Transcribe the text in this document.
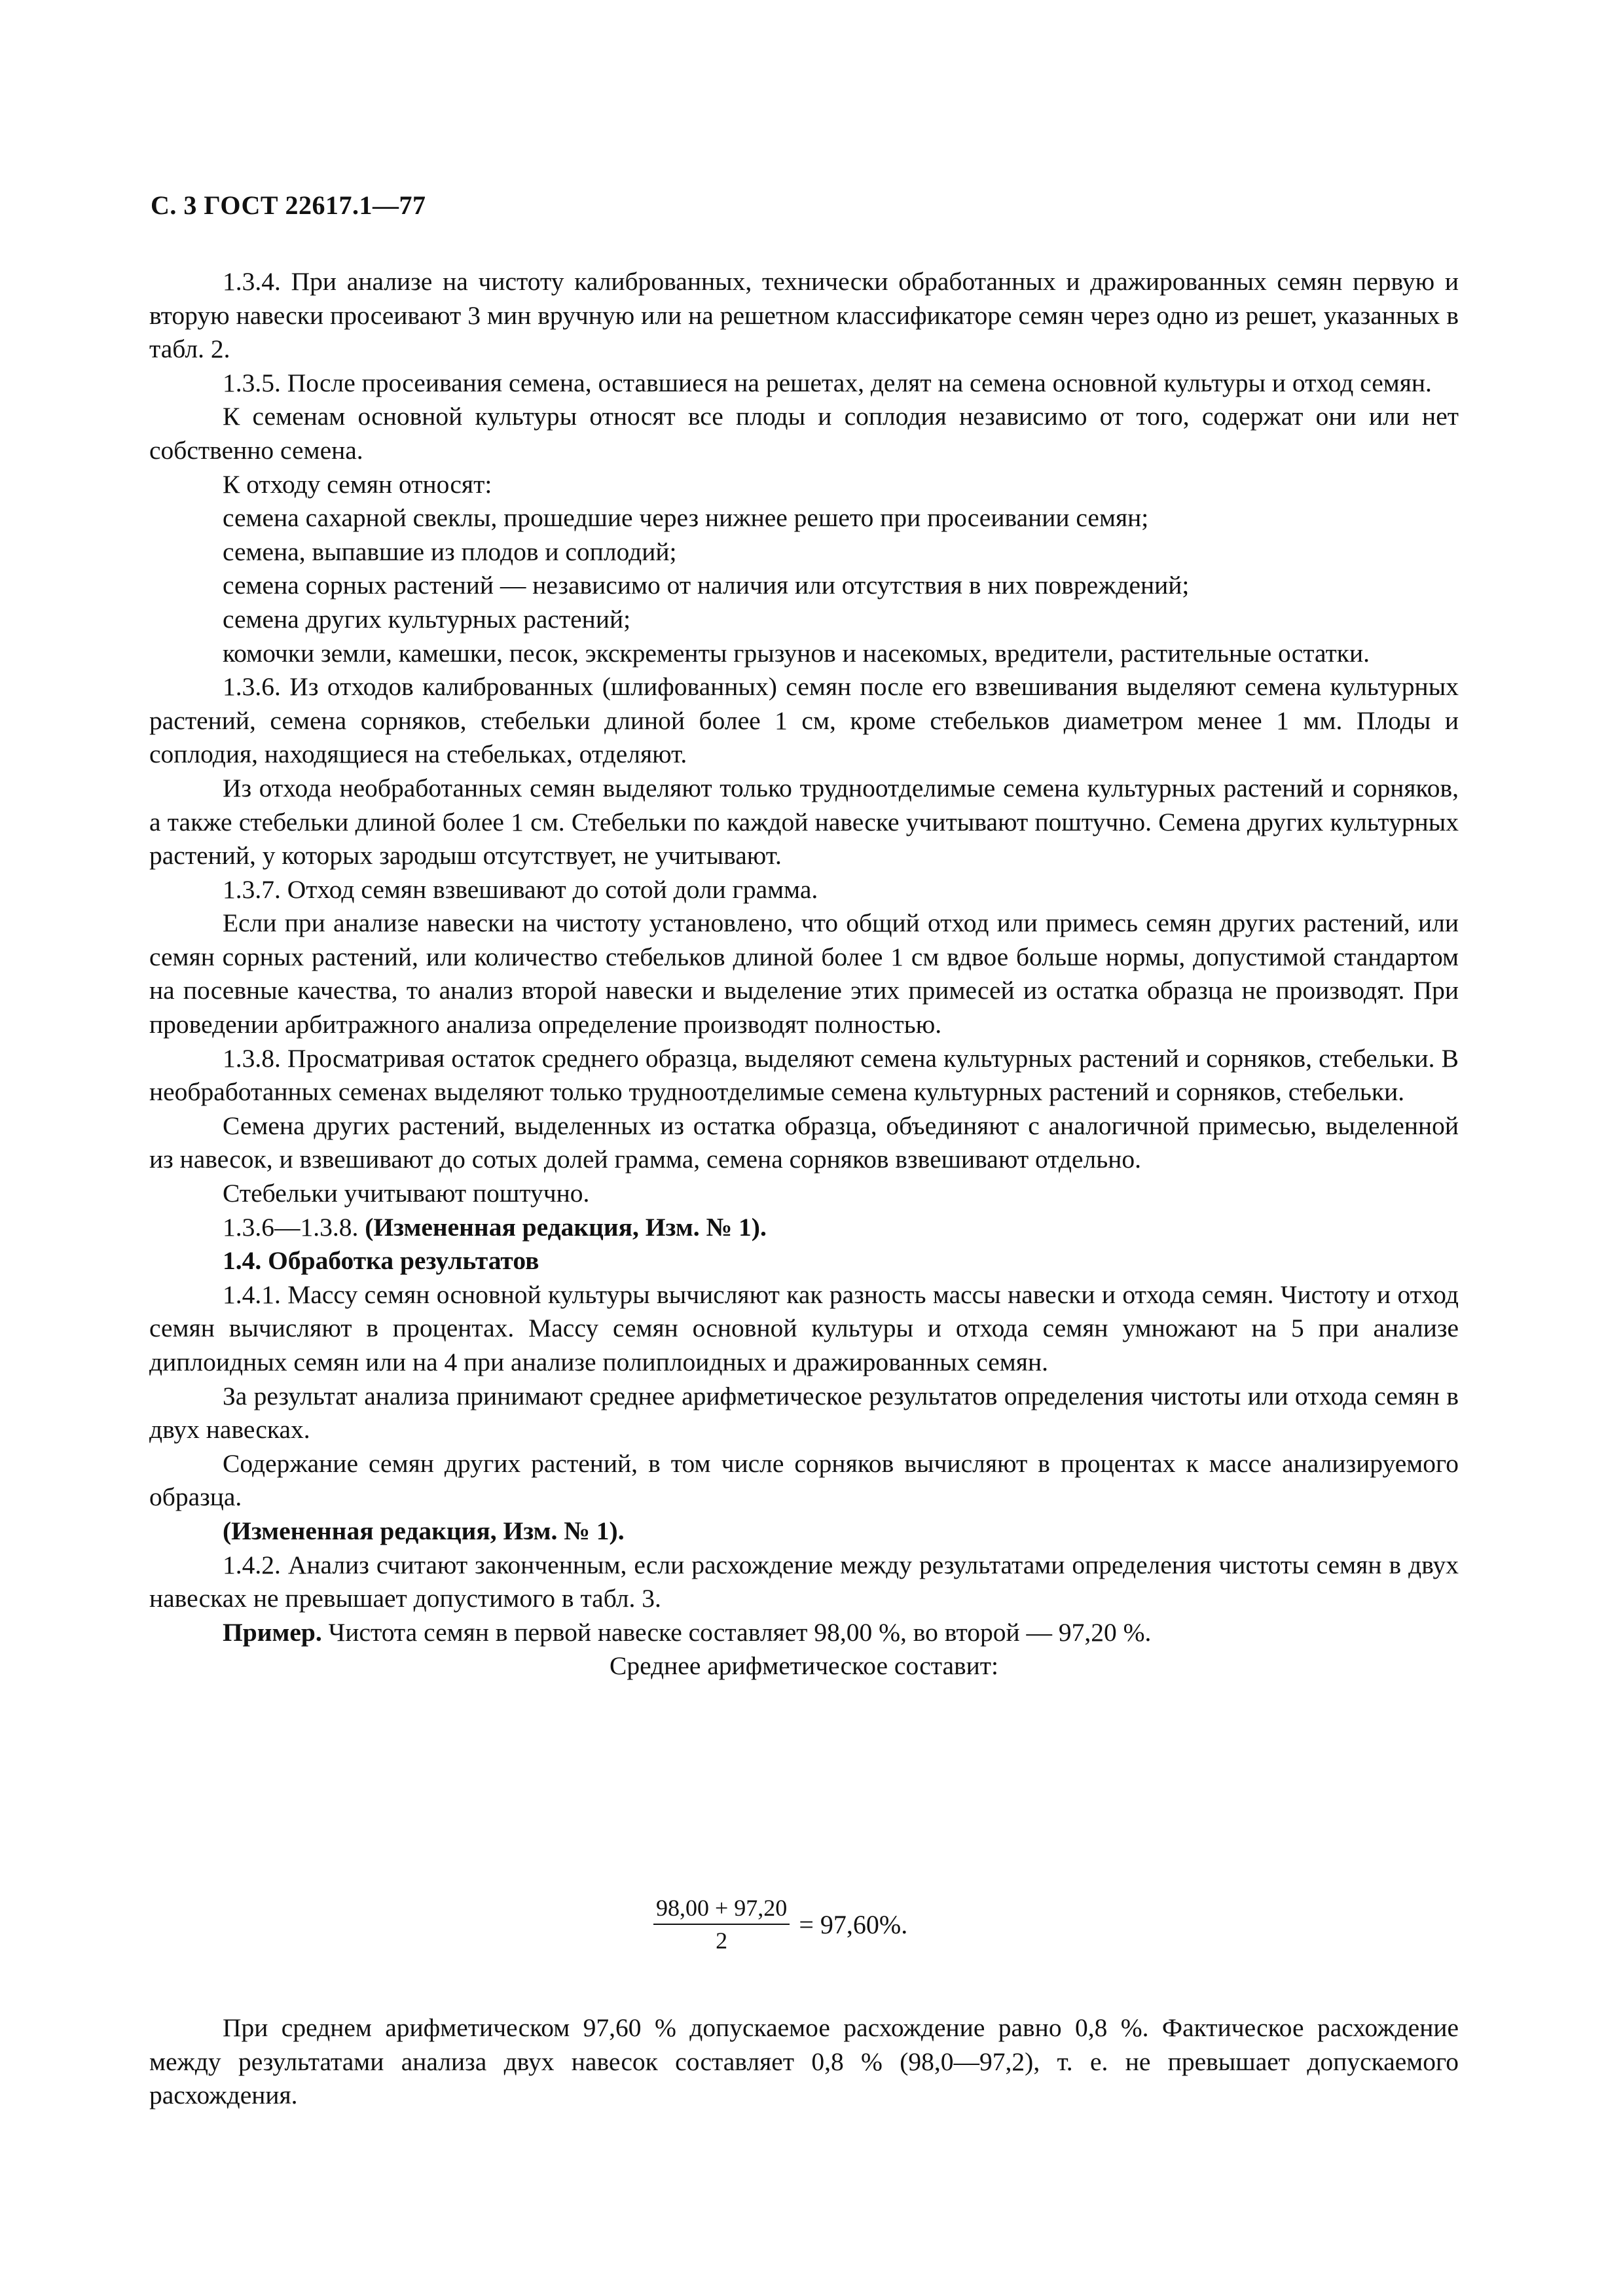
С. 3 ГОСТ 22617.1—77

1.3.4. При анализе на чистоту калиброванных, технически обработанных и дражированных семян первую и вторую навески просеивают 3 мин вручную или на решетном классификаторе семян через одно из решет, указанных в табл. 2.

1.3.5. После просеивания семена, оставшиеся на решетах, делят на семена основной культуры и отход семян.

К семенам основной культуры относят все плоды и соплодия независимо от того, содержат они или нет собственно семена.

К отходу семян относят:

семена сахарной свеклы, прошедшие через нижнее решето при просеивании семян;

семена, выпавшие из плодов и соплодий;

семена сорных растений — независимо от наличия или отсутствия в них повреждений;

семена других культурных растений;

комочки земли, камешки, песок, экскременты грызунов и насекомых, вредители, растительные остатки.

1.3.6. Из отходов калиброванных (шлифованных) семян после его взвешивания выделяют семена культурных растений, семена сорняков, стебельки длиной более 1 см, кроме стебельков диаметром менее 1 мм. Плоды и соплодия, находящиеся на стебельках, отделяют.

Из отхода необработанных семян выделяют только трудноотделимые семена культурных растений и сорняков, а также стебельки длиной более 1 см. Стебельки по каждой навеске учитывают поштучно. Семена других культурных растений, у которых зародыш отсутствует, не учитывают.

1.3.7. Отход семян взвешивают до сотой доли грамма.

Если при анализе навески на чистоту установлено, что общий отход или примесь семян других растений, или семян сорных растений, или количество стебельков длиной более 1 см вдвое больше нормы, допустимой стандартом на посевные качества, то анализ второй навески и выделение этих примесей из остатка образца не производят. При проведении арбитражного анализа определение производят полностью.

1.3.8. Просматривая остаток среднего образца, выделяют семена культурных растений и сорняков, стебельки. В необработанных семенах выделяют только трудноотделимые семена культурных растений и сорняков, стебельки.

Семена других растений, выделенных из остатка образца, объединяют с аналогичной примесью, выделенной из навесок, и взвешивают до сотых долей грамма, семена сорняков взвешивают отдельно.

Стебельки учитывают поштучно.

1.3.6—1.3.8. (Измененная редакция, Изм. № 1).

1.4. Обработка результатов

1.4.1. Массу семян основной культуры вычисляют как разность массы навески и отхода семян. Чистоту и отход семян вычисляют в процентах. Массу семян основной культуры и отхода семян умножают на 5 при анализе диплоидных семян или на 4 при анализе полиплоидных и дражированных семян.

За результат анализа принимают среднее арифметическое результатов определения чистоты или отхода семян в двух навесках.

Содержание семян других растений, в том числе сорняков вычисляют в процентах к массе анализируемого образца.

(Измененная редакция, Изм. № 1).

1.4.2. Анализ считают законченным, если расхождение между результатами определения чистоты семян в двух навесках не превышает допустимого в табл. 3.

Пример. Чистота семян в первой навеске составляет 98,00 %, во второй — 97,20 %.

Среднее арифметическое составит:

$\frac{98,00 + 97,20}{2} = 97,60\%$.

При среднем арифметическом 97,60 % допускаемое расхождение равно 0,8 %. Фактическое расхождение между результатами анализа двух навесок составляет 0,8 % (98,0—97,2), т. е. не превышает допускаемого расхождения.
